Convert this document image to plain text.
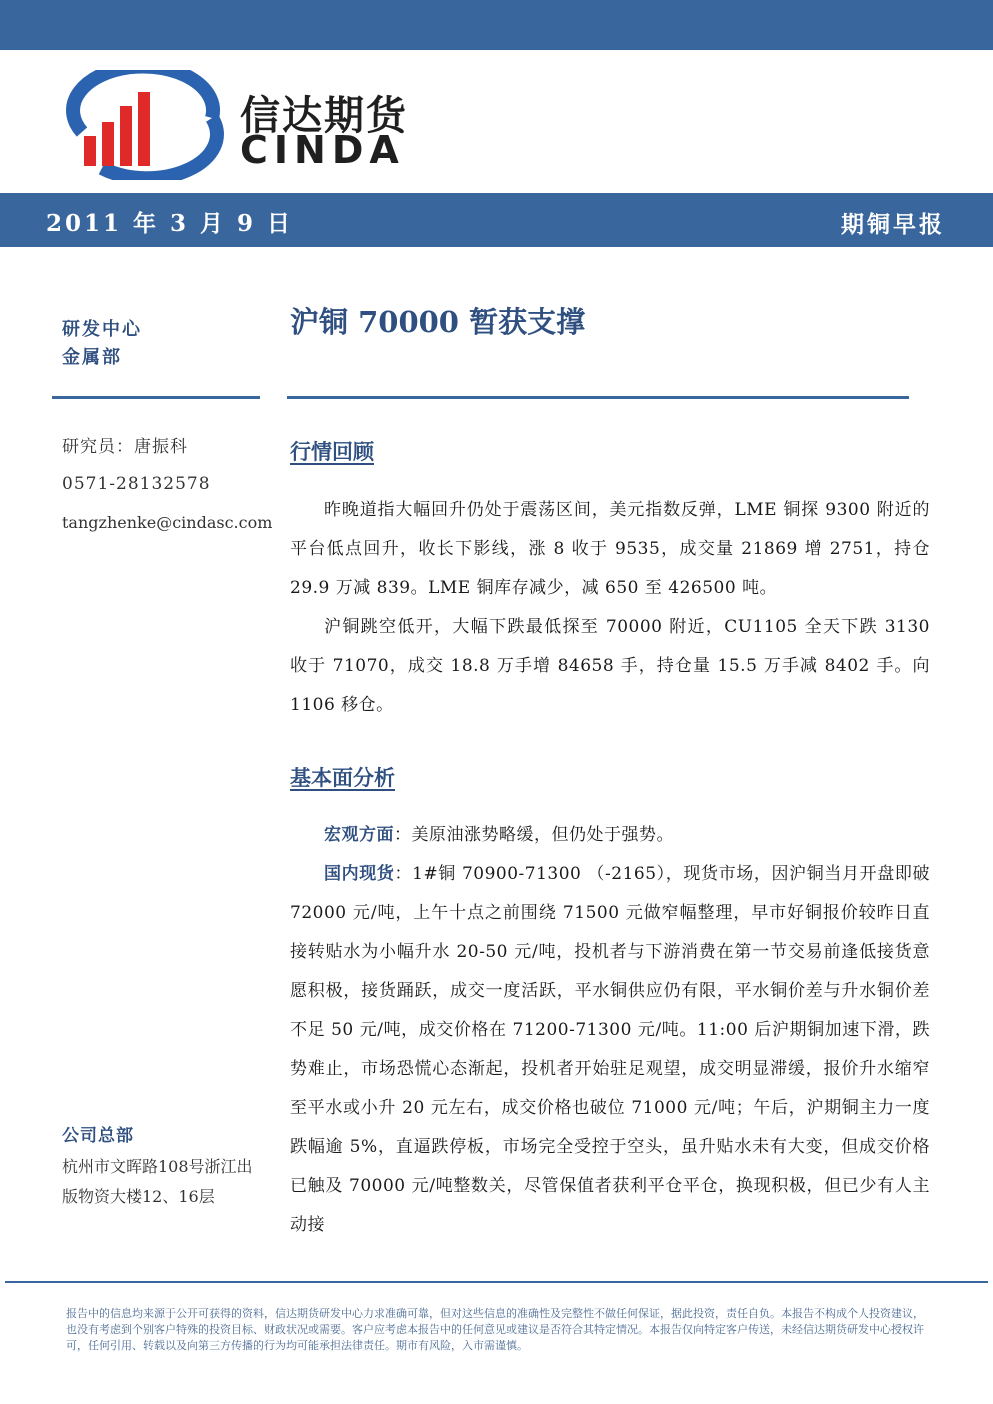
信达期货
CINDA
2011 年 3 月 9 日	期铜早报
研发中心
金属部
沪铜 70000 暂获支撑
研究员：唐振科
0571-28132578
tangzhenke@cindasc.com
行情回顾
昨晚道指大幅回升仍处于震荡区间，美元指数反弹，LME 铜探 9300 附近的平台低点回升，收长下影线，涨 8 收于 9535，成交量 21869 增 2751，持仓 29.9 万减 839。LME 铜库存减少，减 650 至 426500 吨。
沪铜跳空低开，大幅下跌最低探至 70000 附近，CU1105 全天下跌 3130 收于 71070，成交 18.8 万手增 84658 手，持仓量 15.5 万手减 8402 手。向 1106 移仓。
基本面分析
宏观方面：美原油涨势略缓，但仍处于强势。
国内现货：1#铜 70900-71300 （-2165），现货市场，因沪铜当月开盘即破 72000 元/吨，上午十点之前围绕 71500 元做窄幅整理，早市好铜报价较昨日直接转贴水为小幅升水 20-50 元/吨，投机者与下游消费在第一节交易前逢低接货意愿积极，接货踊跃，成交一度活跃，平水铜供应仍有限，平水铜价差与升水铜价差不足 50 元/吨，成交价格在 71200-71300 元/吨。11:00 后沪期铜加速下滑，跌势难止，市场恐慌心态渐起，投机者开始驻足观望，成交明显滞缓，报价升水缩窄至平水或小升 20 元左右，成交价格也破位 71000 元/吨；午后，沪期铜主力一度跌幅逾 5%，直逼跌停板，市场完全受控于空头，虽升贴水未有大变，但成交价格已触及 70000 元/吨整数关，尽管保值者获利平仓平仓，换现积极，但已少有人主动接
公司总部
杭州市文晖路108号浙江出版物资大楼12、16层
报告中的信息均来源于公开可获得的资料，信达期货研发中心力求准确可靠，但对这些信息的准确性及完整性不做任何保证，据此投资，责任自负。本报告不构成个人投资建议，也没有考虑到个别客户特殊的投资目标、财政状况或需要。客户应考虑本报告中的任何意见或建议是否符合其特定情况。本报告仅向特定客户传送，未经信达期货研发中心授权许可，任何引用、转载以及向第三方传播的行为均可能承担法律责任。期市有风险，入市需谨慎。
